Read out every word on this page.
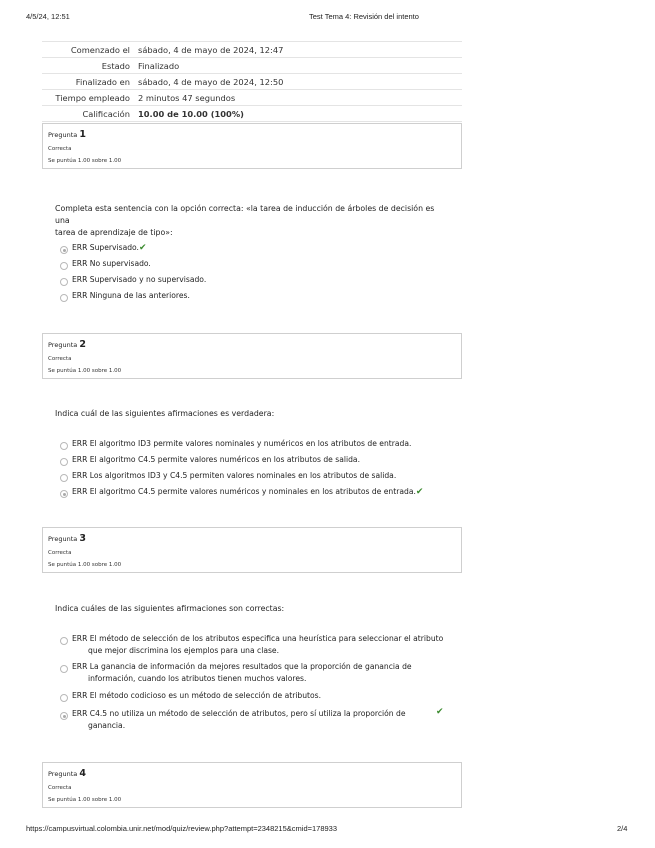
4/5/24, 12:51	Test Tema 4: Revisión del intento
Comenzado el	sábado, 4 de mayo de 2024, 12:47
Estado	Finalizado
Finalizado en	sábado, 4 de mayo de 2024, 12:50
Tiempo empleado	2 minutos 47 segundos
Calificación	10.00 de 10.00 (100%)
Pregunta 1
Correcta
Se puntúa 1.00 sobre 1.00
Completa esta sentencia con la opción correcta: «la tarea de inducción de árboles de decisión es una
tarea de aprendizaje de tipo»:
ERR Supervisado.✔
ERR No supervisado.
ERR Supervisado y no supervisado.
ERR Ninguna de las anteriores.
Pregunta 2
Correcta
Se puntúa 1.00 sobre 1.00
Indica cuál de las siguientes afirmaciones es verdadera:
ERR El algoritmo ID3 permite valores nominales y numéricos en los atributos de entrada.
ERR El algoritmo C4.5 permite valores numéricos en los atributos de salida.
ERR Los algoritmos ID3 y C4.5 permiten valores nominales en los atributos de salida.
ERR El algoritmo C4.5 permite valores numéricos y nominales en los atributos de entrada.✔
Pregunta 3
Correcta
Se puntúa 1.00 sobre 1.00
Indica cuáles de las siguientes afirmaciones son correctas:
ERR El método de selección de los atributos especifica una heurística para seleccionar el atributo
que mejor discrimina los ejemplos para una clase.
ERR La ganancia de información da mejores resultados que la proporción de ganancia de
información, cuando los atributos tienen muchos valores.
ERR El método codicioso es un método de selección de atributos.
ERR C4.5 no utiliza un método de selección de atributos, pero sí utiliza la proporción de
ganancia.
✔
Pregunta 4
Correcta
Se puntúa 1.00 sobre 1.00
https://campusvirtual.colombia.unir.net/mod/quiz/review.php?attempt=2348215&cmid=178933	2/4
